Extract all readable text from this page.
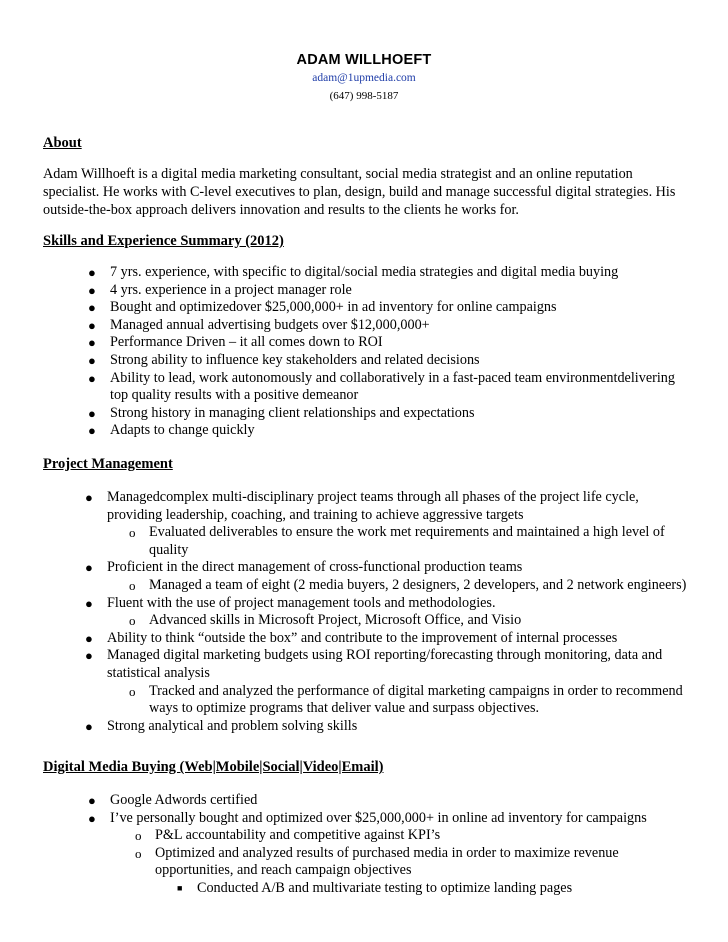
ADAM WILLHOEFT
adam@1upmedia.com
(647) 998-5187
About
Adam Willhoeft is a digital media marketing consultant, social media strategist and an online reputation specialist. He works with C-level executives to plan, design, build and manage successful digital strategies. His outside-the-box approach delivers innovation and results to the clients he works for.
Skills and Experience Summary (2012)
● 7 yrs. experience, with specific to digital/social media strategies and digital media buying
● 4 yrs. experience in a project manager role
● Bought and optimizedover $25,000,000+ in ad inventory for online campaigns
● Managed annual advertising budgets over $12,000,000+
● Performance Driven – it all comes down to ROI
● Strong ability to influence key stakeholders and related decisions
● Ability to lead, work autonomously and collaboratively in a fast-paced team environmentdelivering top quality results with a positive demeanor
● Strong history in managing client relationships and expectations
● Adapts to change quickly
Project Management
● Managedcomplex multi-disciplinary project teams through all phases of the project life cycle, providing leadership, coaching, and training to achieve aggressive targets
o Evaluated deliverables to ensure the work met requirements and maintained a high level of quality
● Proficient in the direct management of cross-functional production teams
o Managed a team of eight (2 media buyers, 2 designers, 2 developers, and 2 network engineers)
● Fluent with the use of project management tools and methodologies.
o Advanced skills in Microsoft Project, Microsoft Office, and Visio
● Ability to think “outside the box” and contribute to the improvement of internal processes
● Managed digital marketing budgets using ROI reporting/forecasting through monitoring, data and statistical analysis
o Tracked and analyzed the performance of digital marketing campaigns in order to recommend ways to optimize programs that deliver value and surpass objectives.
● Strong analytical and problem solving skills
Digital Media Buying (Web|Mobile|Social|Video|Email)
● Google Adwords certified
● I’ve personally bought and optimized over $25,000,000+ in online ad inventory for campaigns
o P&L accountability and competitive against KPI’s
o Optimized and analyzed results of purchased media in order to maximize revenue opportunities, and reach campaign objectives
■ Conducted A/B and multivariate testing to optimize landing pages
